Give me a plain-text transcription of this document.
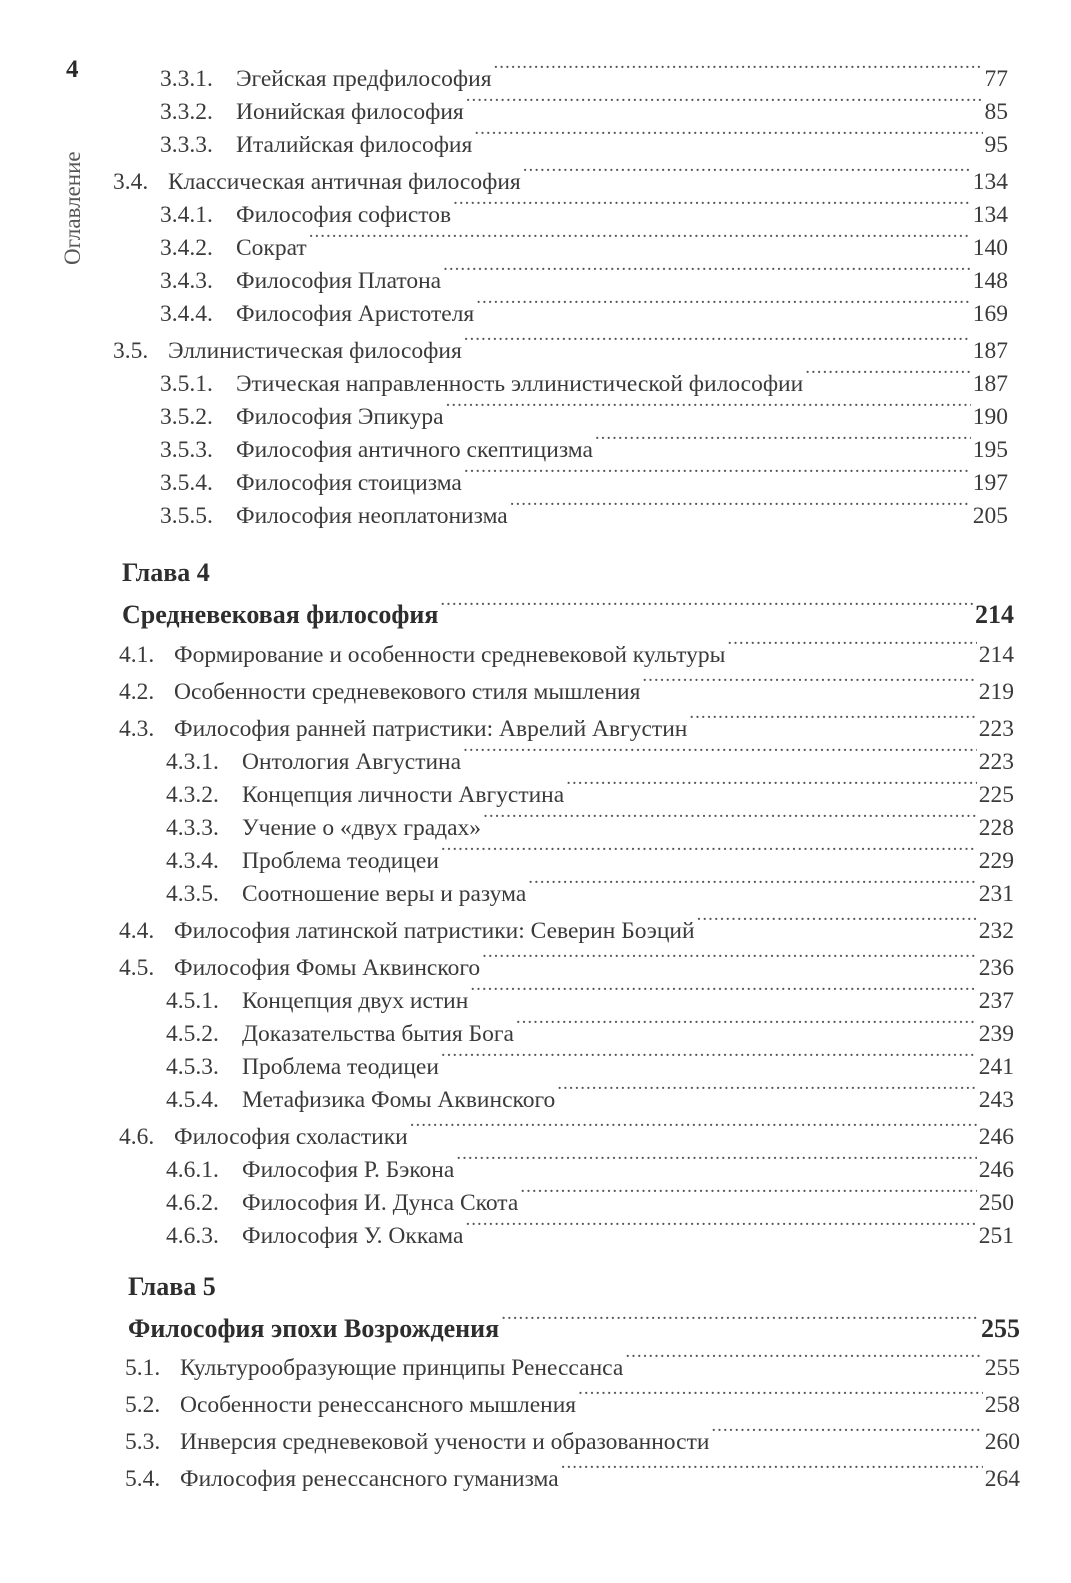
4
Оглавление
3.3.1. Эгейская предфилософия .....	77
3.3.2. Ионийская философия .....	85
3.3.3. Италийская философия .....	95
3.4. Классическая античная философия .....	134
3.4.1. Философия софистов .....	134
3.4.2. Сократ .....	140
3.4.3. Философия Платона .....	148
3.4.4. Философия Аристотеля .....	169
3.5. Эллинистическая философия .....	187
3.5.1. Этическая направленность эллинистической философии .....	187
3.5.2. Философия Эпикура .....	190
3.5.3. Философия античного скептицизма .....	195
3.5.4. Философия стоицизма .....	197
3.5.5. Философия неоплатонизма .....	205
Глава 4
Средневековая философия .....	214
4.1. Формирование и особенности средневековой культуры .....	214
4.2. Особенности средневекового стиля мышления .....	219
4.3. Философия ранней патристики: Аврелий Августин .....	223
4.3.1. Онтология Августина .....	223
4.3.2. Концепция личности Августина .....	225
4.3.3. Учение о «двух градах» .....	228
4.3.4. Проблема теодицеи .....	229
4.3.5. Соотношение веры и разума .....	231
4.4. Философия латинской патристики: Северин Боэций .....	232
4.5. Философия Фомы Аквинского .....	236
4.5.1. Концепция двух истин .....	237
4.5.2. Доказательства бытия Бога .....	239
4.5.3. Проблема теодицеи .....	241
4.5.4. Метафизика Фомы Аквинского .....	243
4.6. Философия схоластики .....	246
4.6.1. Философия Р. Бэкона .....	246
4.6.2. Философия И. Дунса Скота .....	250
4.6.3. Философия У. Оккама .....	251
Глава 5
Философия эпохи Возрождения .....	255
5.1. Культурообразующие принципы Ренессанса .....	255
5.2. Особенности ренессансного мышления .....	258
5.3. Инверсия средневековой учености и образованности .....	260
5.4. Философия ренессансного гуманизма .....	264
